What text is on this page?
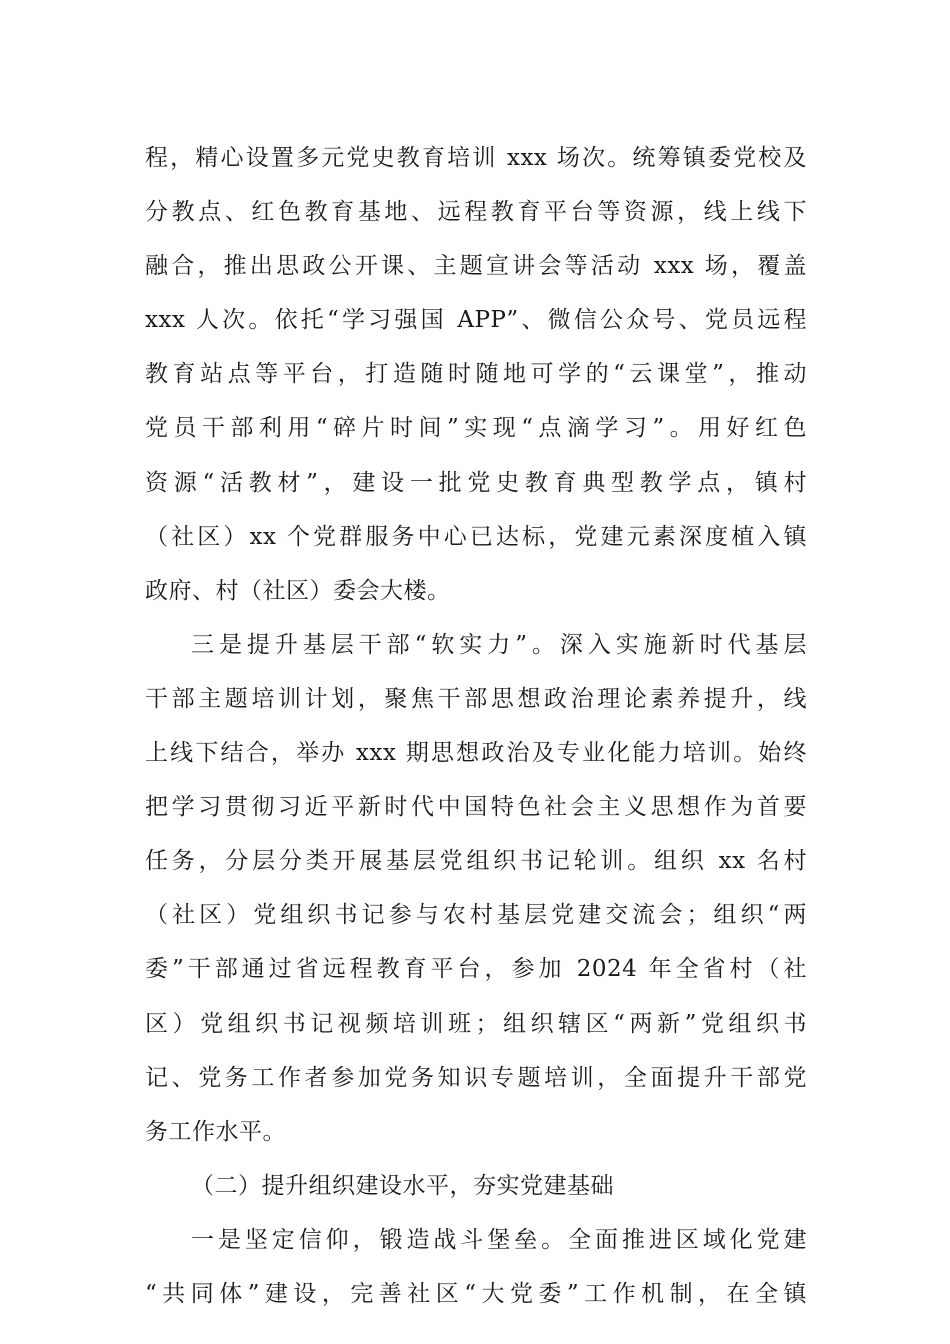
程，精心设置多元党史教育培训 xxx 场次。统筹镇委党校及
分教点、红色教育基地、远程教育平台等资源，线上线下
融合，推出思政公开课、主题宣讲会等活动 xxx 场，覆盖
xxx 人次。依托“学习强国 APP”、微信公众号、党员远程
教育站点等平台，打造随时随地可学的“云课堂”，推动
党员干部利用“碎片时间”实现“点滴学习”。用好红色
资源“活教材”，建设一批党史教育典型教学点，镇村
（社区）xx 个党群服务中心已达标，党建元素深度植入镇
政府、村（社区）委会大楼。
三是提升基层干部“软实力”。深入实施新时代基层
干部主题培训计划，聚焦干部思想政治理论素养提升，线
上线下结合，举办 xxx 期思想政治及专业化能力培训。始终
把学习贯彻习近平新时代中国特色社会主义思想作为首要
任务，分层分类开展基层党组织书记轮训。组织 xx 名村
（社区）党组织书记参与农村基层党建交流会；组织“两
委”干部通过省远程教育平台，参加 2024 年全省村（社
区）党组织书记视频培训班；组织辖区“两新”党组织书
记、党务工作者参加党务知识专题培训，全面提升干部党
务工作水平。
（二）提升组织建设水平，夯实党建基础
一是坚定信仰，锻造战斗堡垒。全面推进区域化党建
“共同体”建设，完善社区“大党委”工作机制，在全镇
